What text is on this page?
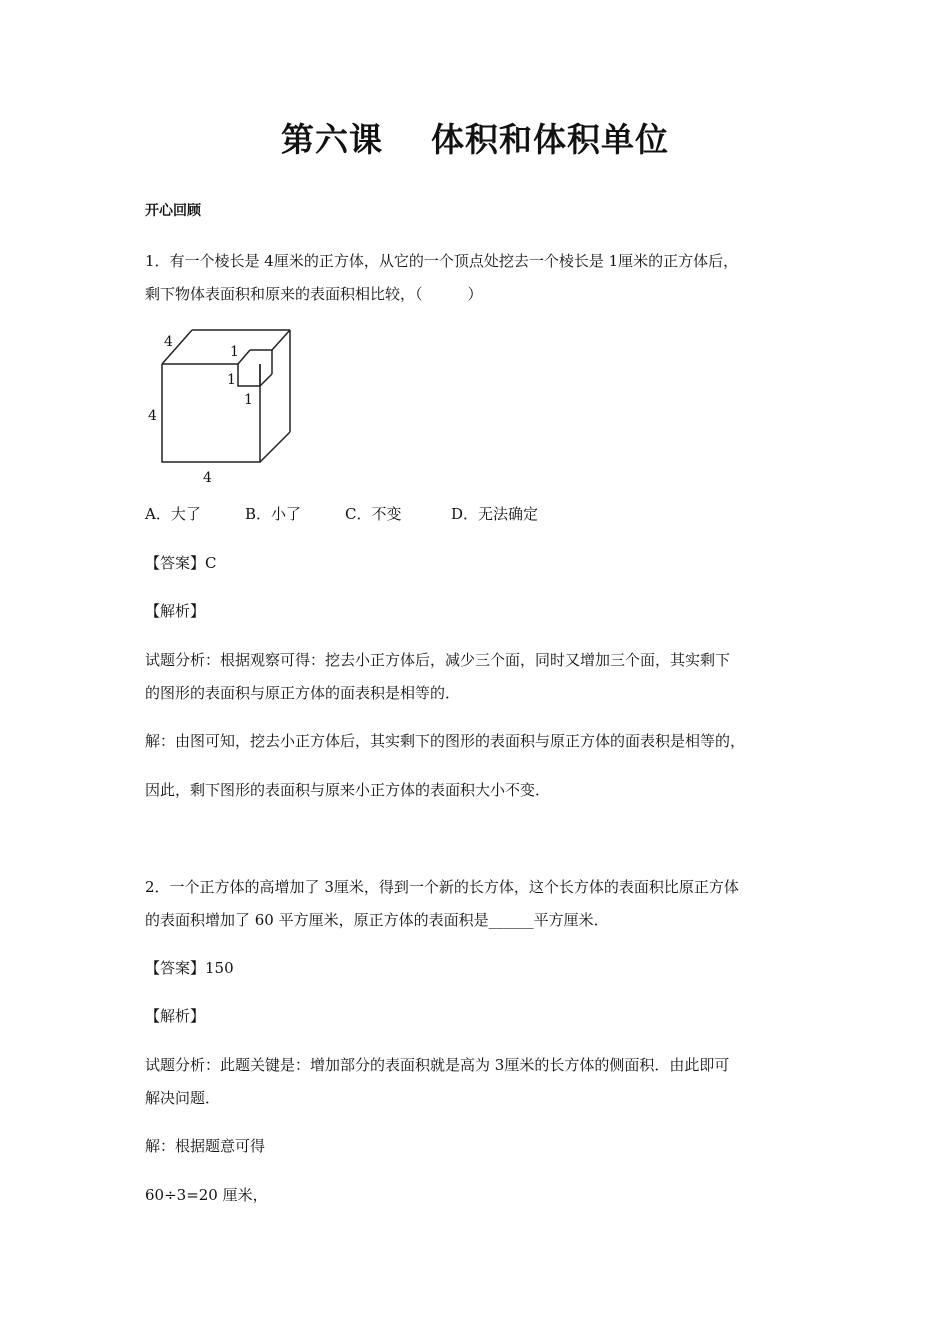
第六课 体积和体积单位
开心回顾
1．有一个棱长是 4厘米的正方体，从它的一个顶点处挖去一个棱长是 1厘米的正方体后，
剩下物体表面积和原来的表面积相比较，（　　　）
4
4
4
1
1
1
A．大了	B．小了	C．不变	D．无法确定
【答案】C
【解析】
试题分析：根据观察可得：挖去小正方体后，减少三个面，同时又增加三个面，其实剩下
的图形的表面积与原正方体的面表积是相等的．
解：由图可知，挖去小正方体后，其实剩下的图形的表面积与原正方体的面表积是相等的，
因此，剩下图形的表面积与原来小正方体的表面积大小不变．
2．一个正方体的高增加了 3厘米，得到一个新的长方体，这个长方体的表面积比原正方体
的表面积增加了 60 平方厘米，原正方体的表面积是______平方厘米．
【答案】150
【解析】
试题分析：此题关键是：增加部分的表面积就是高为 3厘米的长方体的侧面积．由此即可
解决问题．
解：根据题意可得
60÷3=20 厘米，
